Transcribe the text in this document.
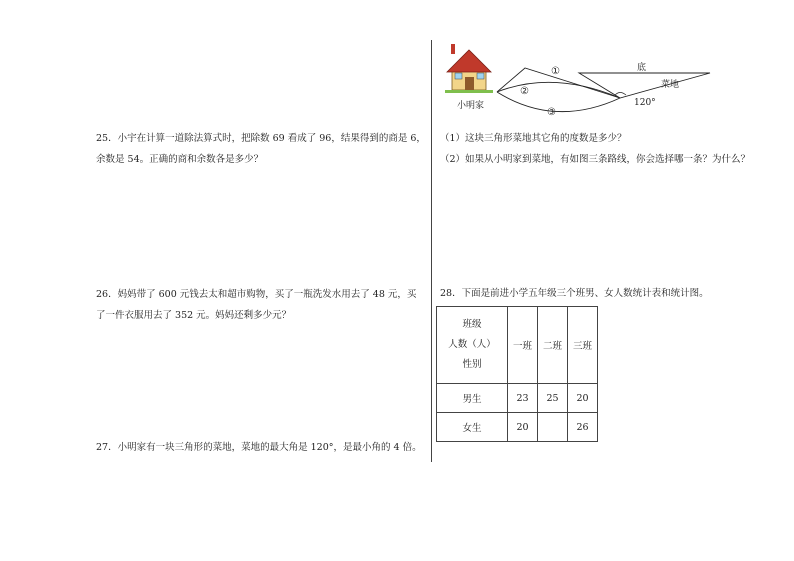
25．小宇在计算一道除法算式时，把除数 69 看成了 96，结果得到的商是 6，
余数是 54。正确的商和余数各是多少？
26．妈妈带了 600 元钱去太和超市购物，买了一瓶洗发水用去了 48 元，买
了一件衣服用去了 352 元。妈妈还剩多少元？
27．小明家有一块三角形的菜地，菜地的最大角是 120°，是最小角的 4 倍。
小明家
①
②
③
底
菜地
120°
（1）这块三角形菜地其它角的度数是多少？
（2）如果从小明家到菜地，有如图三条路线，你会选择哪一条？为什么？
28．下面是前进小学五年级三个班男、女人数统计表和统计图。
班级
人数（人）
性别	一班	二班	三班
男生	23	25	20
女生	20		26
